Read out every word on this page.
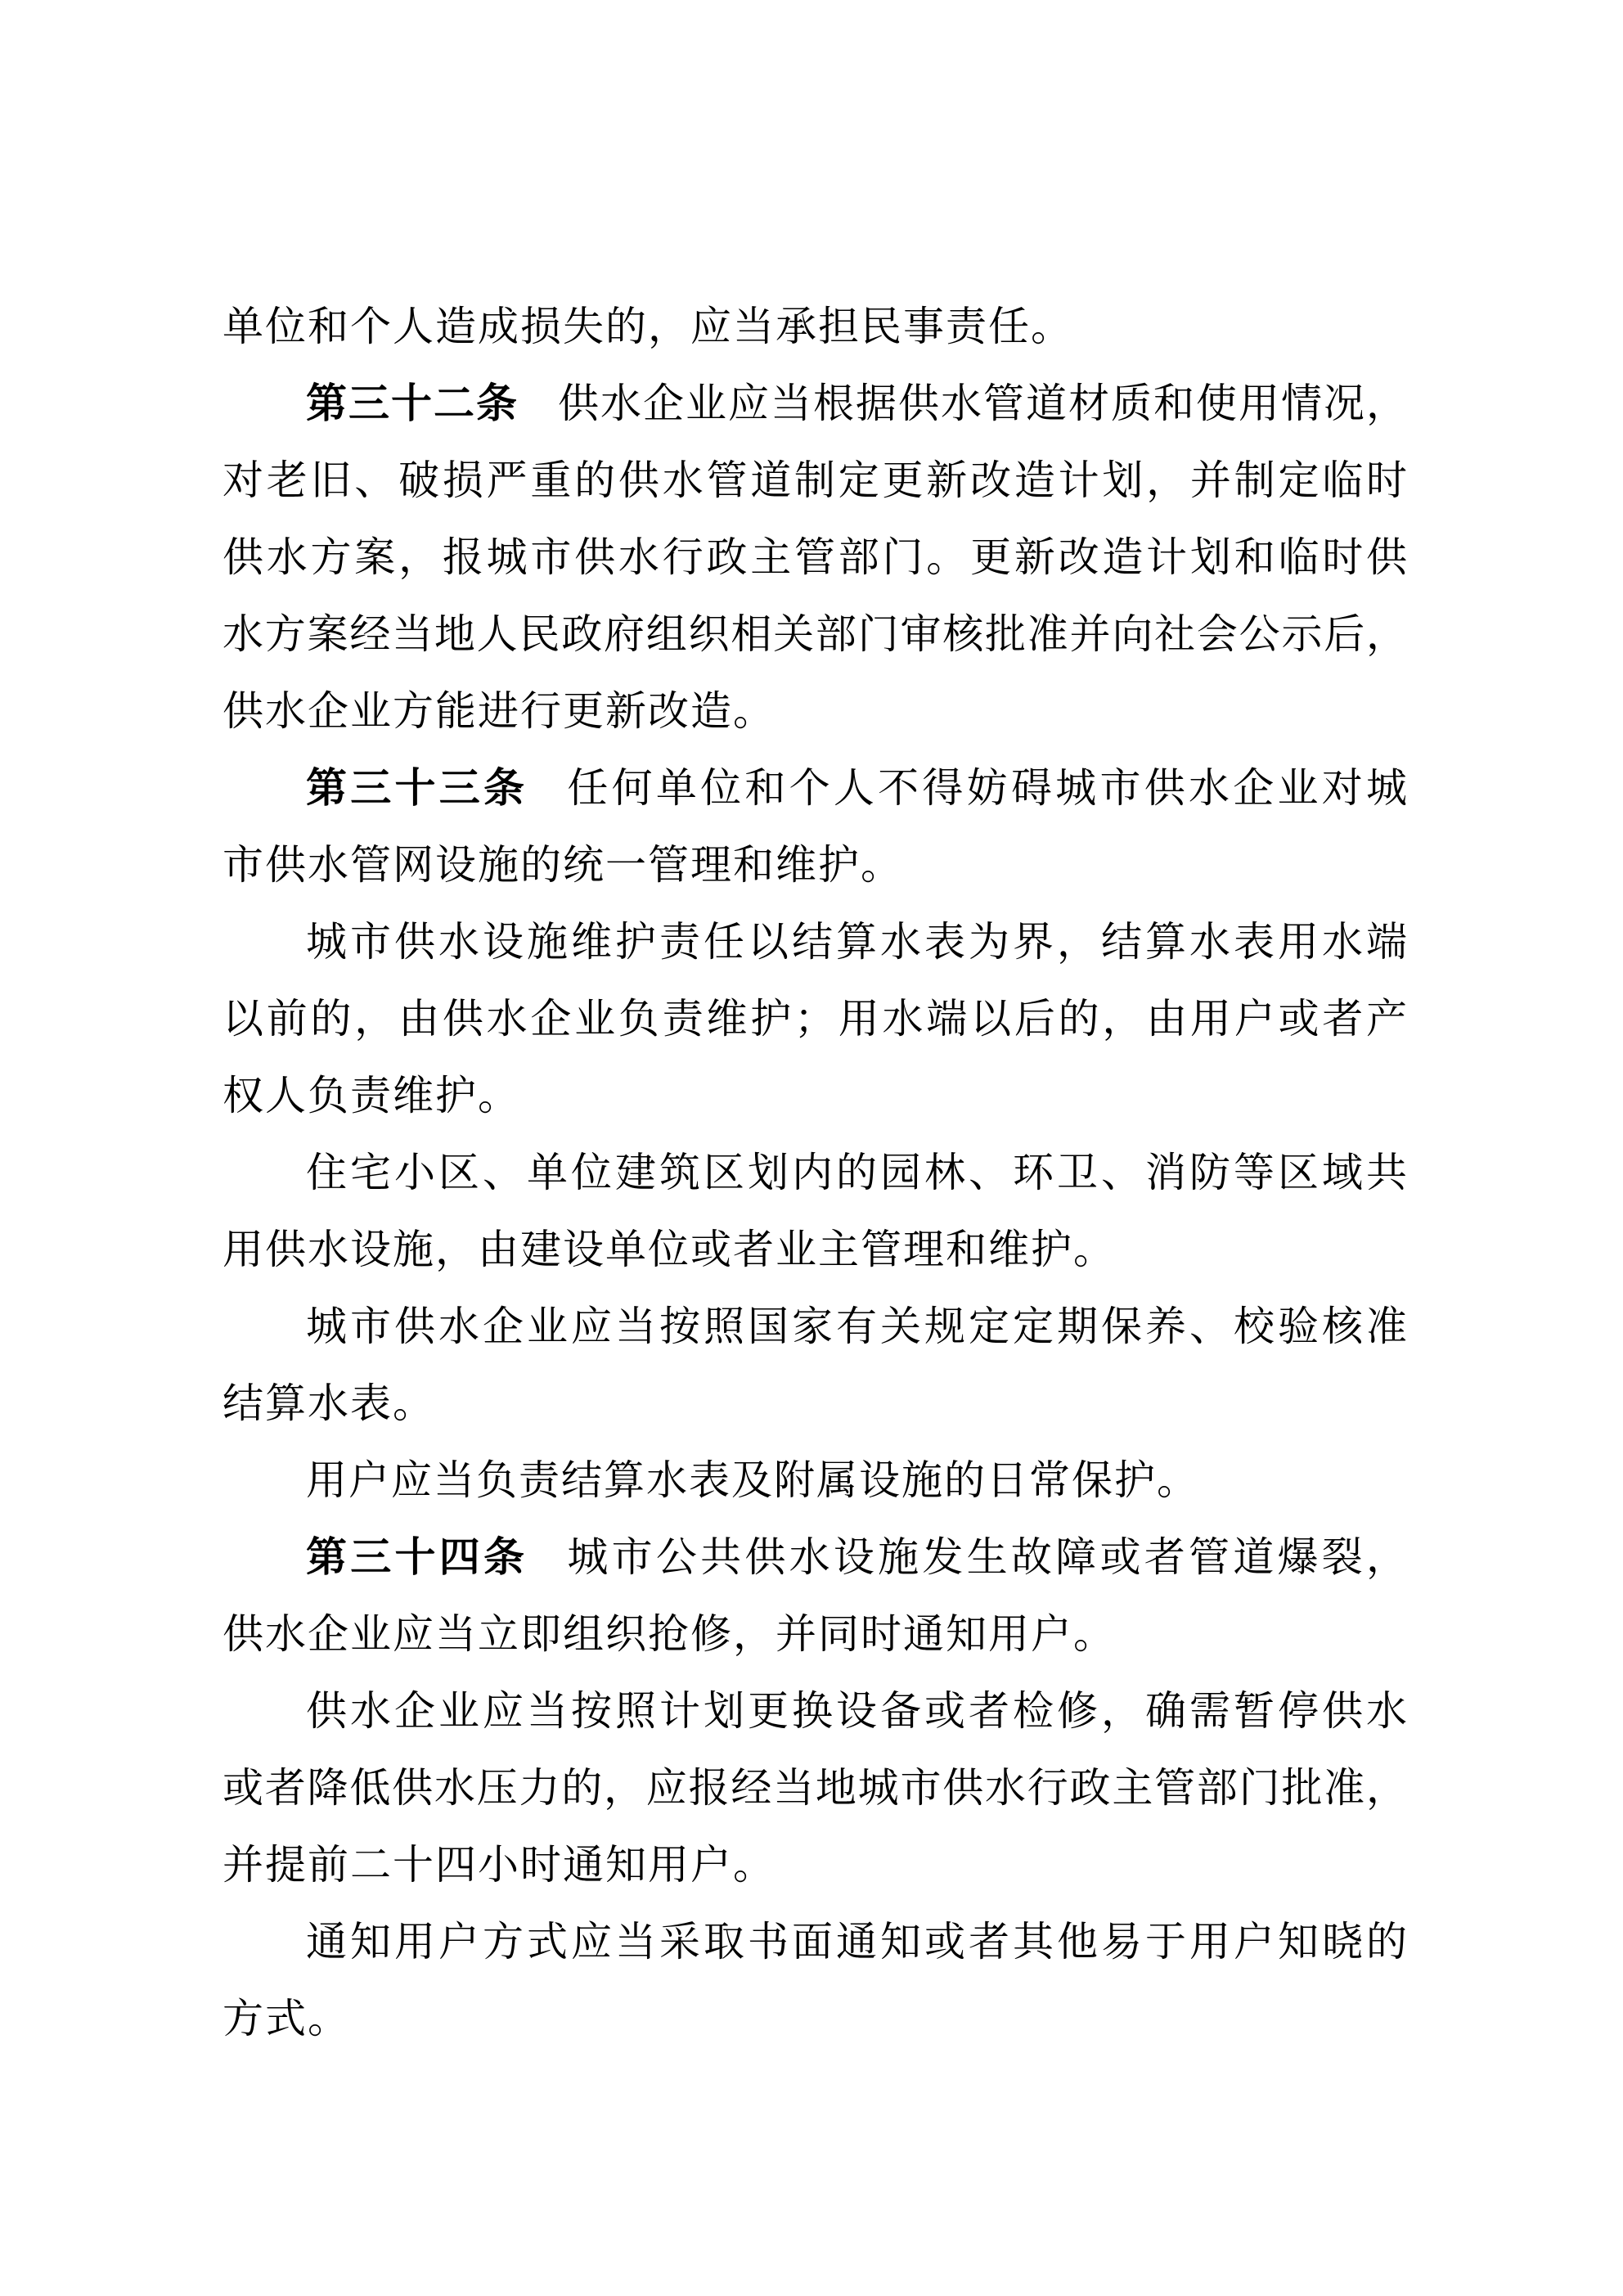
单位和个人造成损失的，应当承担民事责任。
第三十二条 供水企业应当根据供水管道材质和使用情况，
对老旧、破损严重的供水管道制定更新改造计划，并制定临时
供水方案，报城市供水行政主管部门。更新改造计划和临时供
水方案经当地人民政府组织相关部门审核批准并向社会公示后，
供水企业方能进行更新改造。
第三十三条 任何单位和个人不得妨碍城市供水企业对城
市供水管网设施的统一管理和维护。
城市供水设施维护责任以结算水表为界，结算水表用水端
以前的，由供水企业负责维护；用水端以后的，由用户或者产
权人负责维护。
住宅小区、单位建筑区划内的园林、环卫、消防等区域共
用供水设施，由建设单位或者业主管理和维护。
城市供水企业应当按照国家有关规定定期保养、校验核准
结算水表。
用户应当负责结算水表及附属设施的日常保护。
第三十四条 城市公共供水设施发生故障或者管道爆裂，
供水企业应当立即组织抢修，并同时通知用户。
供水企业应当按照计划更换设备或者检修，确需暂停供水
或者降低供水压力的，应报经当地城市供水行政主管部门批准，
并提前二十四小时通知用户。
通知用户方式应当采取书面通知或者其他易于用户知晓的
方式。
